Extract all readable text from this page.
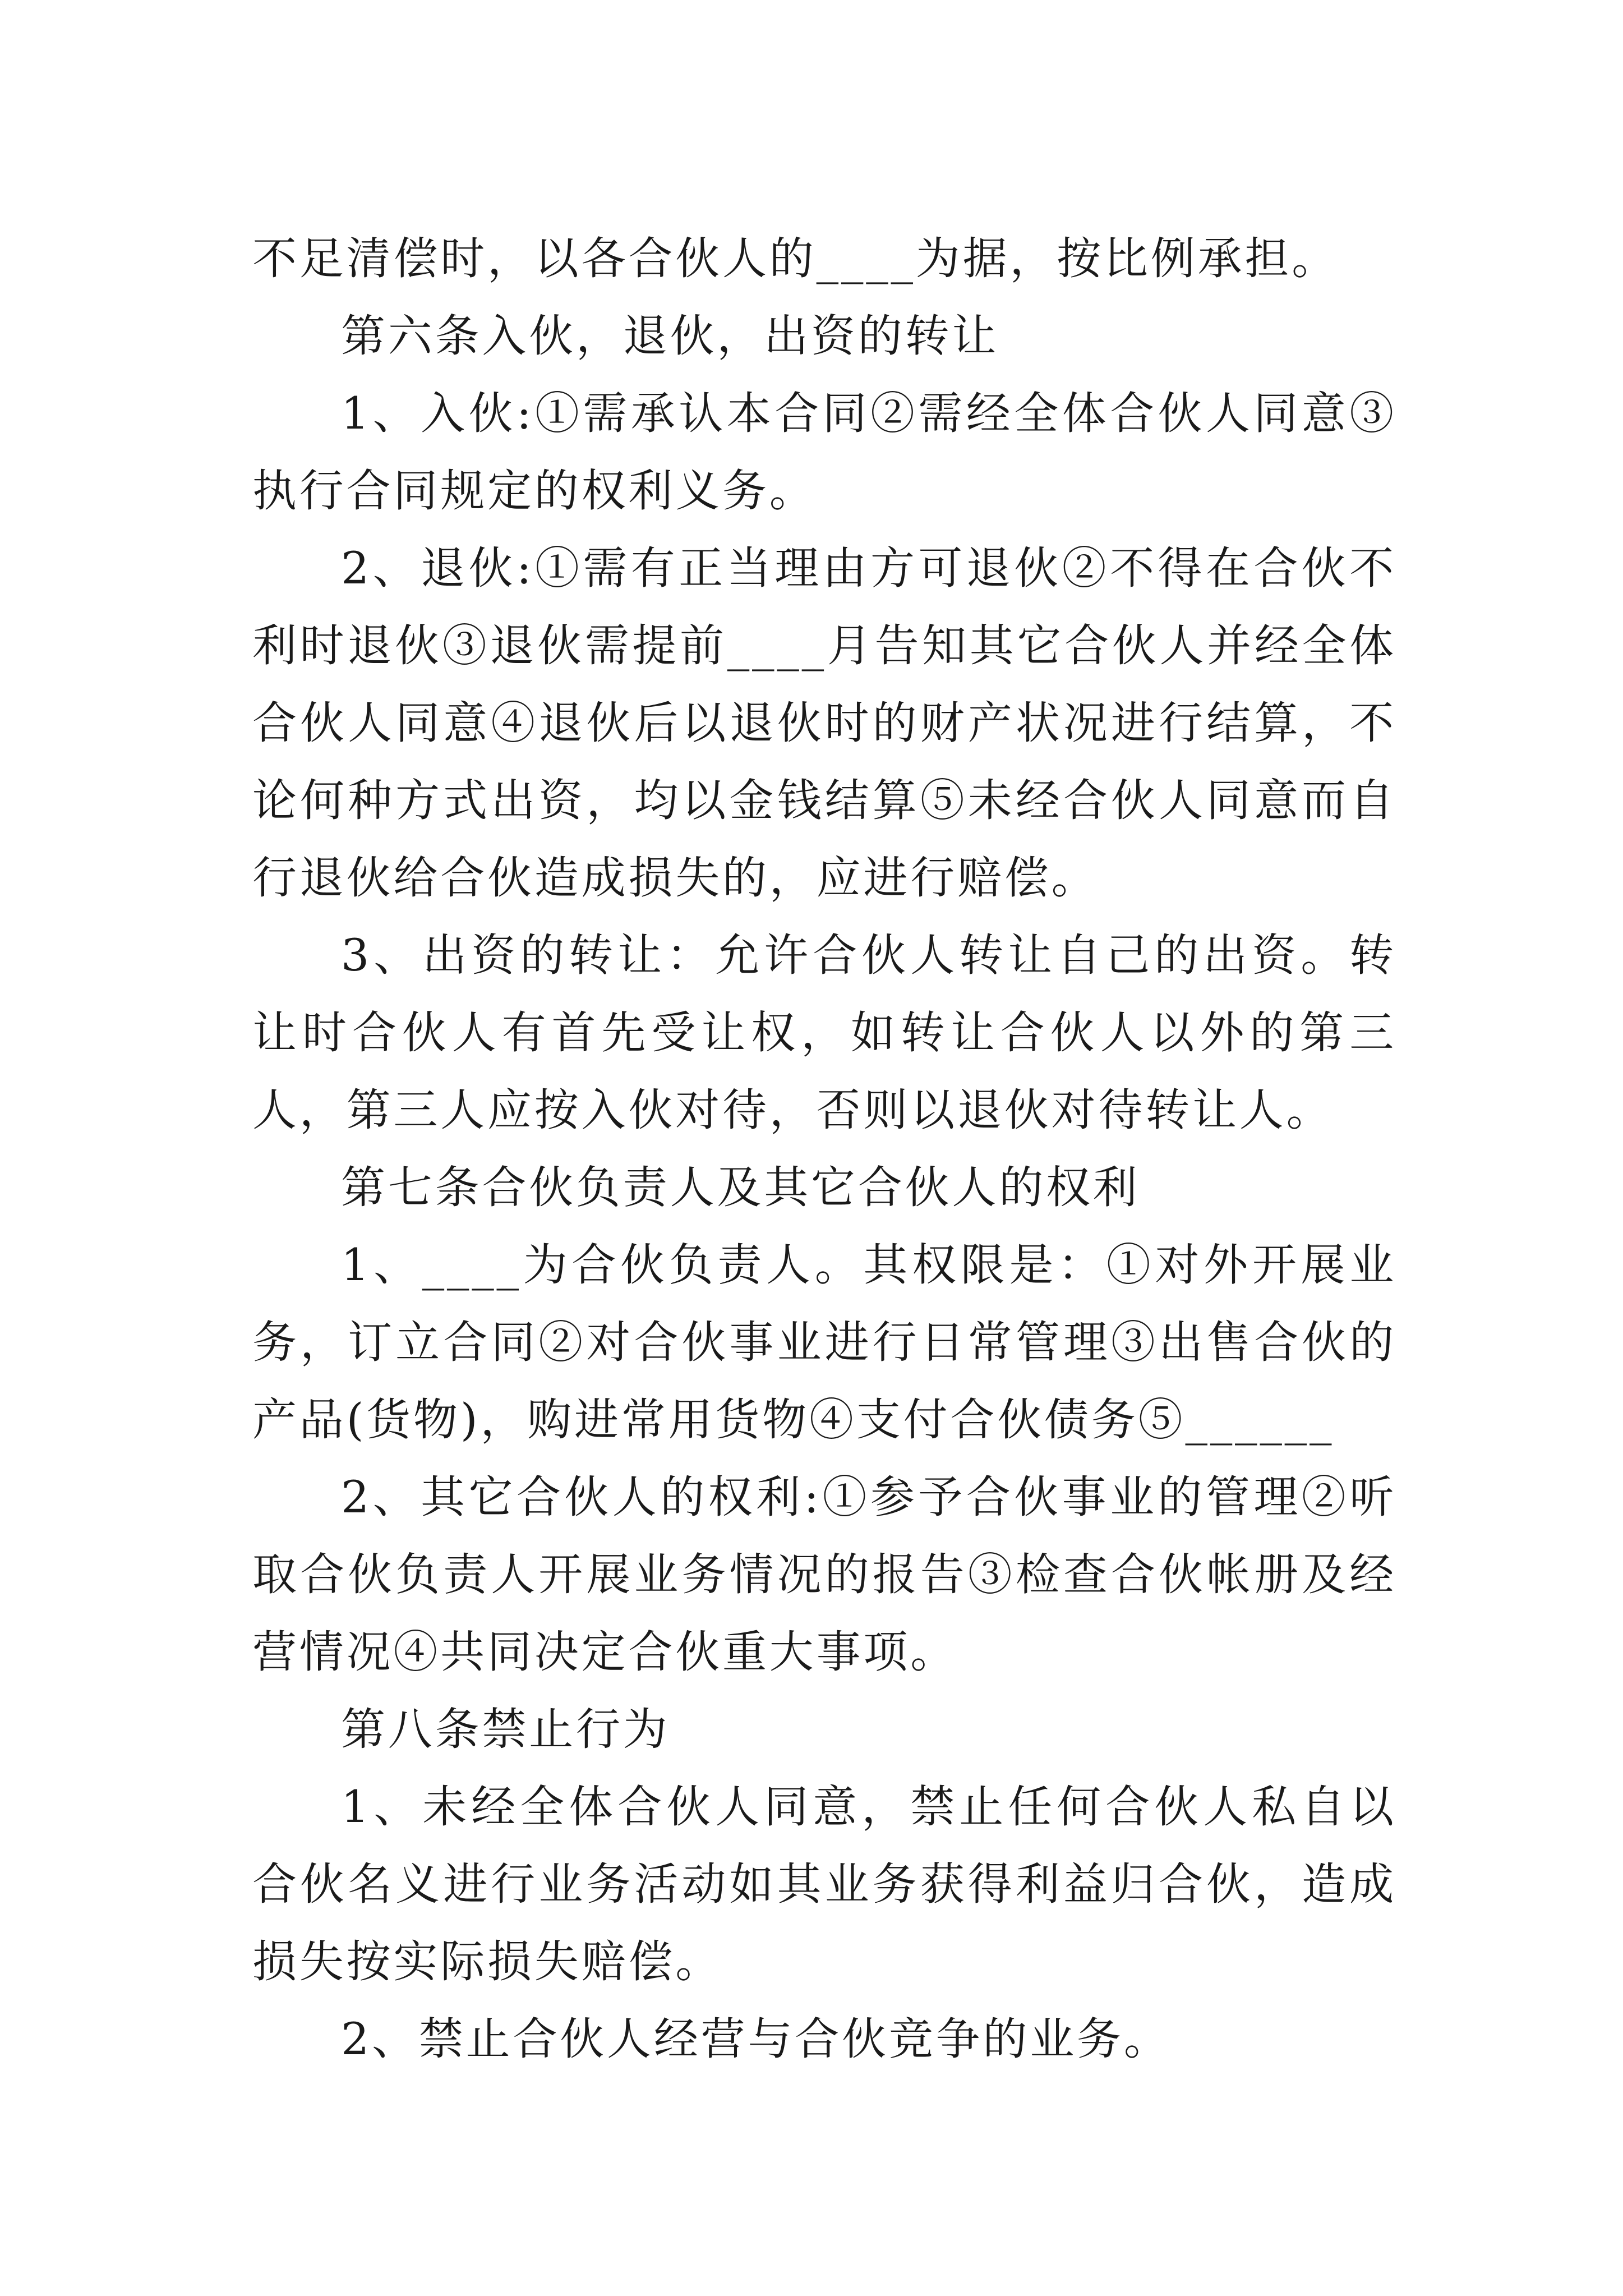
不足清偿时，以各合伙人的____为据，按比例承担。

第六条入伙，退伙，出资的转让

1、入伙:①需承认本合同②需经全体合伙人同意③执行合同规定的权利义务。

2、退伙:①需有正当理由方可退伙②不得在合伙不利时退伙③退伙需提前____月告知其它合伙人并经全体合伙人同意④退伙后以退伙时的财产状况进行结算，不论何种方式出资，均以金钱结算⑤未经合伙人同意而自行退伙给合伙造成损失的，应进行赔偿。

3、出资的转让：允许合伙人转让自己的出资。转让时合伙人有首先受让权，如转让合伙人以外的第三人，第三人应按入伙对待，否则以退伙对待转让人。

第七条合伙负责人及其它合伙人的权利

1、____为合伙负责人。其权限是：①对外开展业务，订立合同②对合伙事业进行日常管理③出售合伙的产品(货物)，购进常用货物④支付合伙债务⑤______

2、其它合伙人的权利:①参予合伙事业的管理②听取合伙负责人开展业务情况的报告③检查合伙帐册及经营情况④共同决定合伙重大事项。

第八条禁止行为

1、未经全体合伙人同意，禁止任何合伙人私自以合伙名义进行业务活动如其业务获得利益归合伙，造成损失按实际损失赔偿。

2、禁止合伙人经营与合伙竞争的业务。
